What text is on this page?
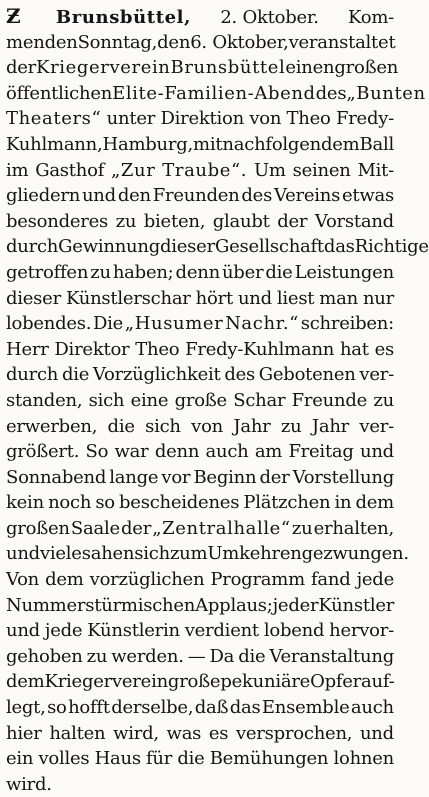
Ƶ Brunsbüttel, 2. Oktober. Kom-
menden Sonntag, den 6. Oktober, veranstaltet
der Kriegerverein Brunsbüttel einen großen
öffentlichen Elite-Familien-Abend des „Bunten
Theaters“ unter Direktion von Theo Fredy-
Kuhlmann, Hamburg, mit nachfolgendem Ball
im Gasthof „Zur Traube“. Um seinen Mit-
gliedern und den Freunden des Vereins etwas
besonderes zu bieten, glaubt der Vorstand
durch Gewinnung dieser Gesellschaft das Richtige
getroffen zu haben; denn über die Leistungen
dieser Künstlerschar hört und liest man nur
lobendes. Die „Husumer Nachr.“ schreiben:
Herr Direktor Theo Fredy-Kuhlmann hat es
durch die Vorzüglichkeit des Gebotenen ver-
standen, sich eine große Schar Freunde zu
erwerben, die sich von Jahr zu Jahr ver-
größert. So war denn auch am Freitag und
Sonnabend lange vor Beginn der Vorstellung
kein noch so bescheidenes Plätzchen in dem
großen Saale der „Zentralhalle“ zu erhalten,
und viele sahen sich zum Umkehren gezwungen.
Von dem vorzüglichen Programm fand jede
Nummer stürmischen Applaus; jeder Künstler
und jede Künstlerin verdient lobend hervor-
gehoben zu werden. — Da die Veranstaltung
dem Kriegerverein große pekuniäre Opfer auf-
legt, so hofft derselbe, daß das Ensemble auch
hier halten wird, was es versprochen, und
ein volles Haus für die Bemühungen lohnen
wird.
